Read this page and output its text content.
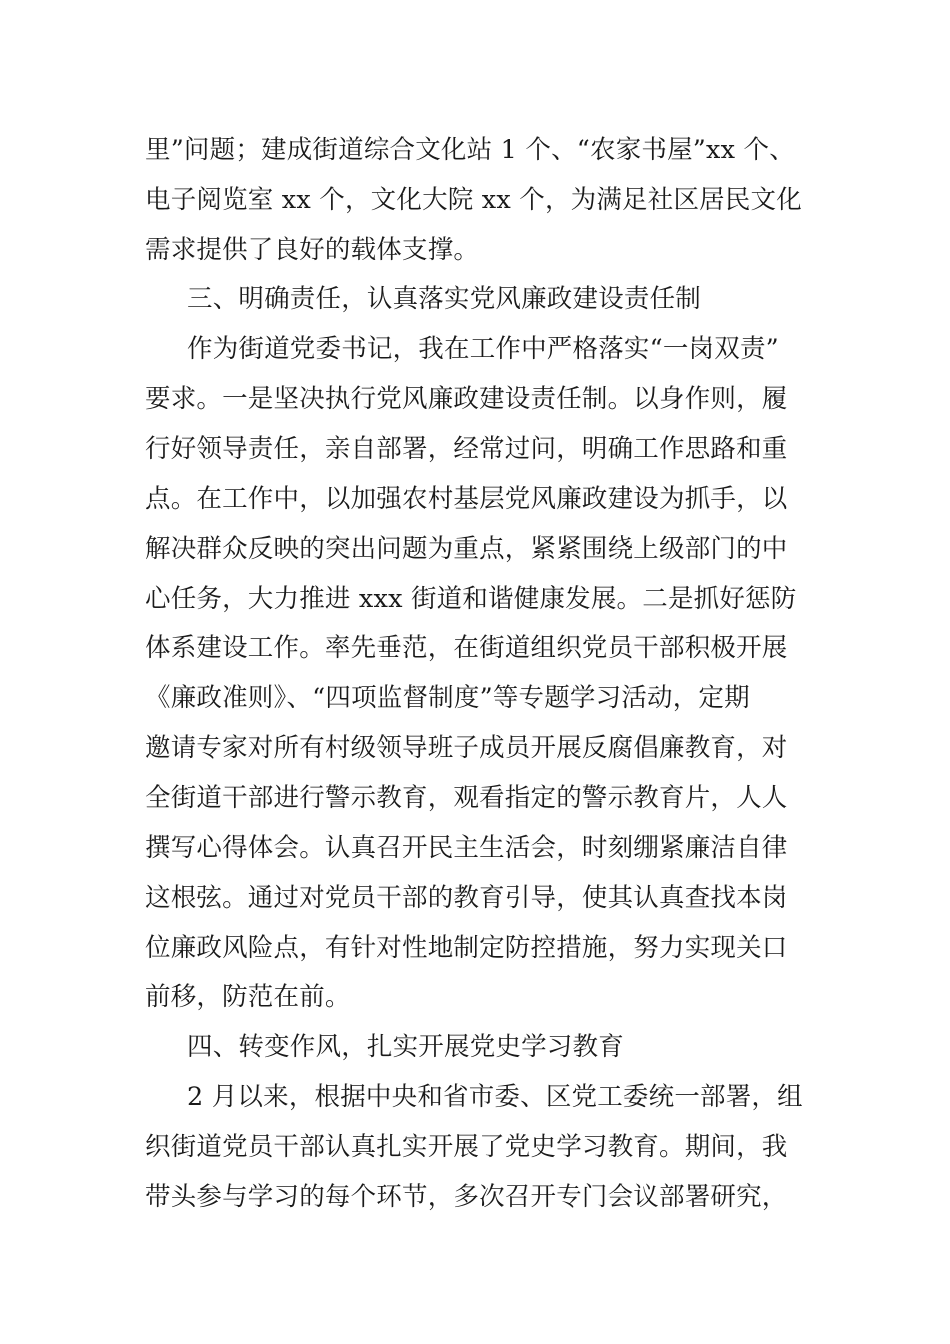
里”问题；建成街道综合文化站 1 个、“农家书屋”xx 个、
电子阅览室 xx 个，文化大院 xx 个，为满足社区居民文化
需求提供了良好的载体支撑。
三、明确责任，认真落实党风廉政建设责任制
作为街道党委书记，我在工作中严格落实“一岗双责”
要求。一是坚决执行党风廉政建设责任制。以身作则，履
行好领导责任，亲自部署，经常过问，明确工作思路和重
点。在工作中，以加强农村基层党风廉政建设为抓手，以
解决群众反映的突出问题为重点，紧紧围绕上级部门的中
心任务，大力推进 xxx 街道和谐健康发展。二是抓好惩防
体系建设工作。率先垂范，在街道组织党员干部积极开展
《廉政准则》、“四项监督制度”等专题学习活动，定期
邀请专家对所有村级领导班子成员开展反腐倡廉教育，对
全街道干部进行警示教育，观看指定的警示教育片，人人
撰写心得体会。认真召开民主生活会，时刻绷紧廉洁自律
这根弦。通过对党员干部的教育引导，使其认真查找本岗
位廉政风险点，有针对性地制定防控措施，努力实现关口
前移，防范在前。
四、转变作风，扎实开展党史学习教育
2 月以来，根据中央和省市委、区党工委统一部署，组
织街道党员干部认真扎实开展了党史学习教育。期间，我
带头参与学习的每个环节，多次召开专门会议部署研究，
